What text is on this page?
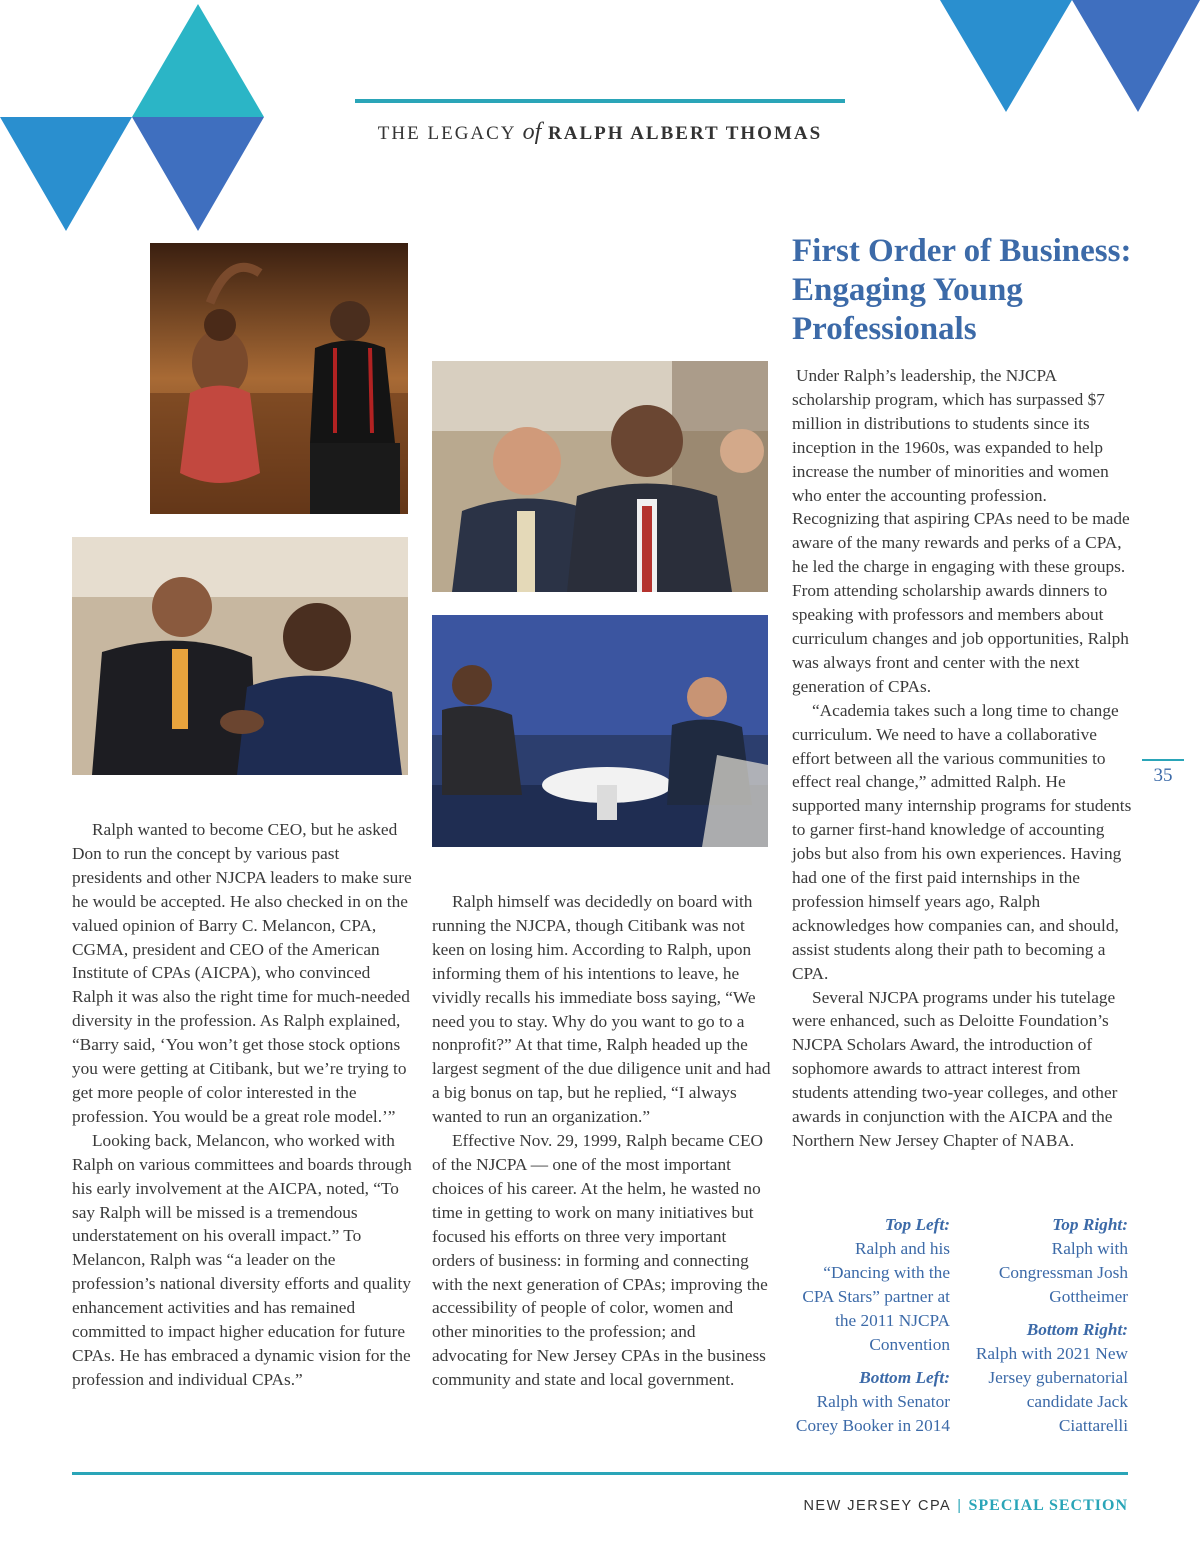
THE LEGACY of RALPH ALBERT THOMAS

Ralph wanted to become CEO, but he asked Don to run the concept by various past presidents and other NJCPA leaders to make sure he would be accepted. He also checked in on the valued opinion of Barry C. Melancon, CPA, CGMA, president and CEO of the American Institute of CPAs (AICPA), who convinced Ralph it was also the right time for much-needed diversity in the profession. As Ralph explained, “Barry said, ‘You won’t get those stock options you were getting at Citibank, but we’re trying to get more people of color interested in the profession. You would be a great role model.’”

Looking back, Melancon, who worked with Ralph on various committees and boards through his early involvement at the AICPA, noted, “To say Ralph will be missed is a tremendous understatement on his overall impact.” To Melancon, Ralph was “a leader on the profession’s national diversity efforts and quality enhancement activities and has remained committed to impact higher education for future CPAs. He has embraced a dynamic vision for the profession and individual CPAs.”

Ralph himself was decidedly on board with running the NJCPA, though Citibank was not keen on losing him. According to Ralph, upon informing them of his intentions to leave, he vividly recalls his immediate boss saying, “We need you to stay. Why do you want to go to a nonprofit?” At that time, Ralph headed up the largest segment of the due diligence unit and had a big bonus on tap, but he replied, “I always wanted to run an organization.”

Effective Nov. 29, 1999, Ralph became CEO of the NJCPA — one of the most important choices of his career. At the helm, he wasted no time in getting to work on many initiatives but focused his efforts on three very important orders of business: in forming and connecting with the next generation of CPAs; improving the accessibility of people of color, women and other minorities to the profession; and advocating for New Jersey CPAs in the business community and state and local government.

First Order of Business: Engaging Young Professionals

Under Ralph’s leadership, the NJCPA scholarship program, which has surpassed $7 million in distributions to students since its inception in the 1960s, was expanded to help increase the number of minorities and women who enter the accounting profession. Recognizing that aspiring CPAs need to be made aware of the many rewards and perks of a CPA, he led the charge in engaging with these groups. From attending scholarship awards dinners to speaking with professors and members about curriculum changes and job opportunities, Ralph was always front and center with the next generation of CPAs.

“Academia takes such a long time to change curriculum. We need to have a collaborative effort between all the various communities to effect real change,” admitted Ralph. He supported many internship programs for students to garner first-hand knowledge of accounting jobs but also from his own experiences. Having had one of the first paid internships in the profession himself years ago, Ralph acknowledges how companies can, and should, assist students along their path to becoming a CPA.

Several NJCPA programs under his tutelage were enhanced, such as Deloitte Foundation’s NJCPA Scholars Award, the introduction of sophomore awards to attract interest from students attending two-year colleges, and other awards in conjunction with the AICPA and the Northern New Jersey Chapter of NABA.

Top Left:
Ralph and his “Dancing with the CPA Stars” partner at the 2011 NJCPA Convention
Bottom Left:
Ralph with Senator Corey Booker in 2014
Top Right:
Ralph with Congressman Josh Gottheimer
Bottom Right:
Ralph with 2021 New Jersey gubernatorial candidate Jack Ciattarelli
35
NEW JERSEY CPA | SPECIAL SECTION
